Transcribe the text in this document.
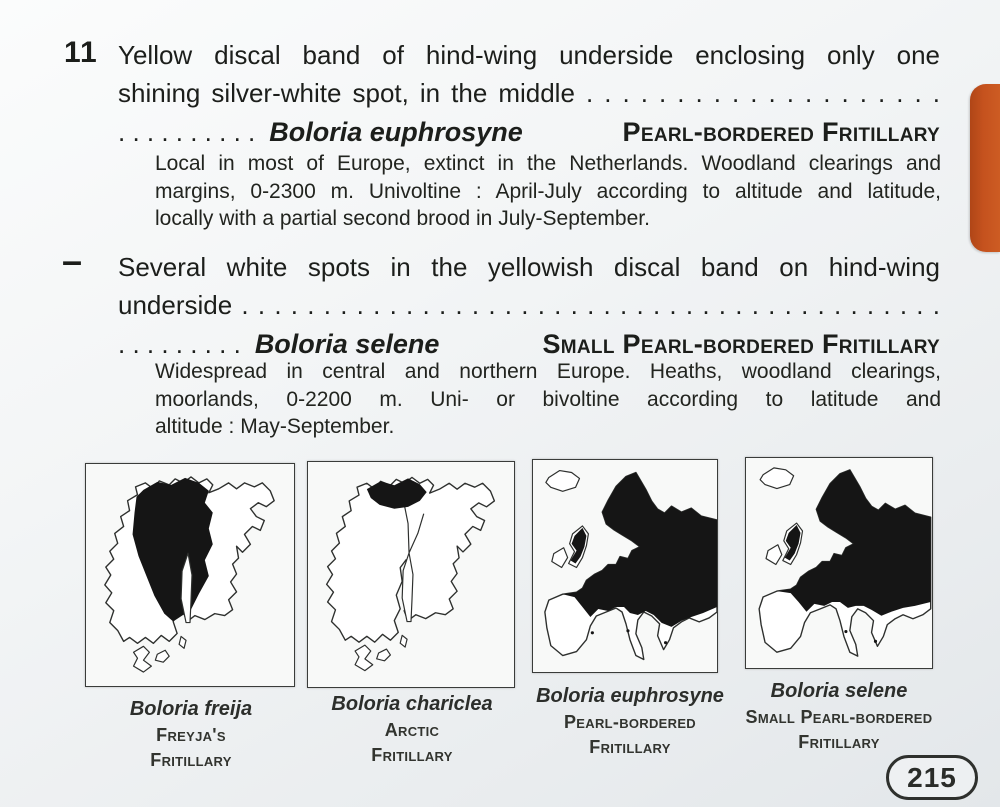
11 Yellow discal band of hind-wing underside enclosing only one
shining silver-white spot, in the middle . . . . . . . . . . . . . . . . . . . .
. . . . . . . . . . Boloria euphrosyne	Pearl-bordered Fritillary
Local in most of Europe, extinct in the Netherlands. Woodland clearings and
margins, 0-2300 m. Univoltine : April-July according to altitude and latitude,
locally with a partial second brood in July-September.
– Several white spots in the yellowish discal band on hind-wing
underside . . . . . . . . . . . . . . . . . . . . . . . . . . . . . . . . . . . . . . . . . . .
. . . . . . . . . Boloria selene	Small Pearl-bordered Fritillary
Widespread in central and northern Europe. Heaths, woodland clearings,
moorlands, 0-2200 m. Uni- or bivoltine according to latitude and
altitude : May-September.
Boloria freija
Freyja's
Fritillary
Boloria chariclea
Arctic
Fritillary
Boloria euphrosyne
Pearl-bordered
Fritillary
Boloria selene
Small Pearl-bordered
Fritillary
215
